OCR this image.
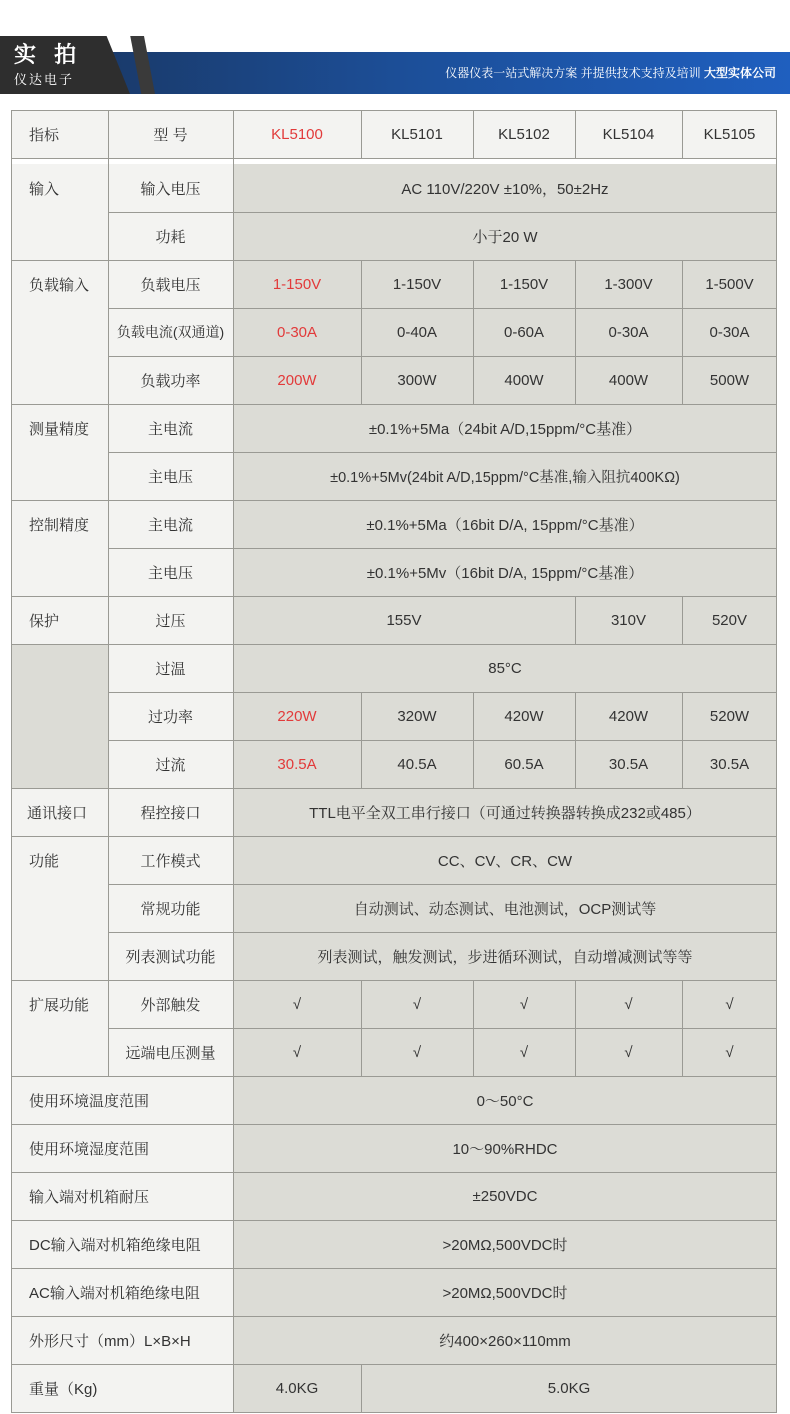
实 拍
仪达电子	仪器仪表一站式解决方案 并提供技术支持及培训 大型实体公司
指标	型 号	KL5100	KL5101	KL5102	KL5104	KL5105
输入	输入电压	AC 110V/220V ±10%，50±2Hz
功耗	小于20 W
负载输入	负载电压	1-150V	1-150V	1-150V	1-300V	1-500V
负载电流(双通道)	0-30A	0-40A	0-60A	0-30A	0-30A
负载功率	200W	300W	400W	400W	500W
测量精度	主电流	±0.1%+5Ma（24bit A/D,15ppm/°C基准）
主电压	±0.1%+5Mv(24bit A/D,15ppm/°C基准,输入阻抗400KΩ)
控制精度	主电流	±0.1%+5Ma（16bit D/A, 15ppm/°C基准）
主电压	±0.1%+5Mv（16bit D/A, 15ppm/°C基准）
保护	过压	155V	310V	520V
过温	85°C
过功率	220W	320W	420W	420W	520W
过流	30.5A	40.5A	60.5A	30.5A	30.5A
通讯接口	程控接口	TTL电平全双工串行接口（可通过转换器转换成232或485）
功能	工作模式	CC、CV、CR、CW
常规功能	自动测试、动态测试、电池测试，OCP测试等
列表测试功能	列表测试，触发测试，步进循环测试，自动增减测试等等
扩展功能	外部触发	√	√	√	√	√
远端电压测量	√	√	√	√	√
使用环境温度范围	0～50°C
使用环境湿度范围	10～90%RHDC
输入端对机箱耐压	±250VDC
DC输入端对机箱绝缘电阻	>20MΩ,500VDC时
AC输入端对机箱绝缘电阻	>20MΩ,500VDC时
外形尺寸（mm）L×B×H	约400×260×110mm
重量（Kg)	4.0KG	5.0KG
